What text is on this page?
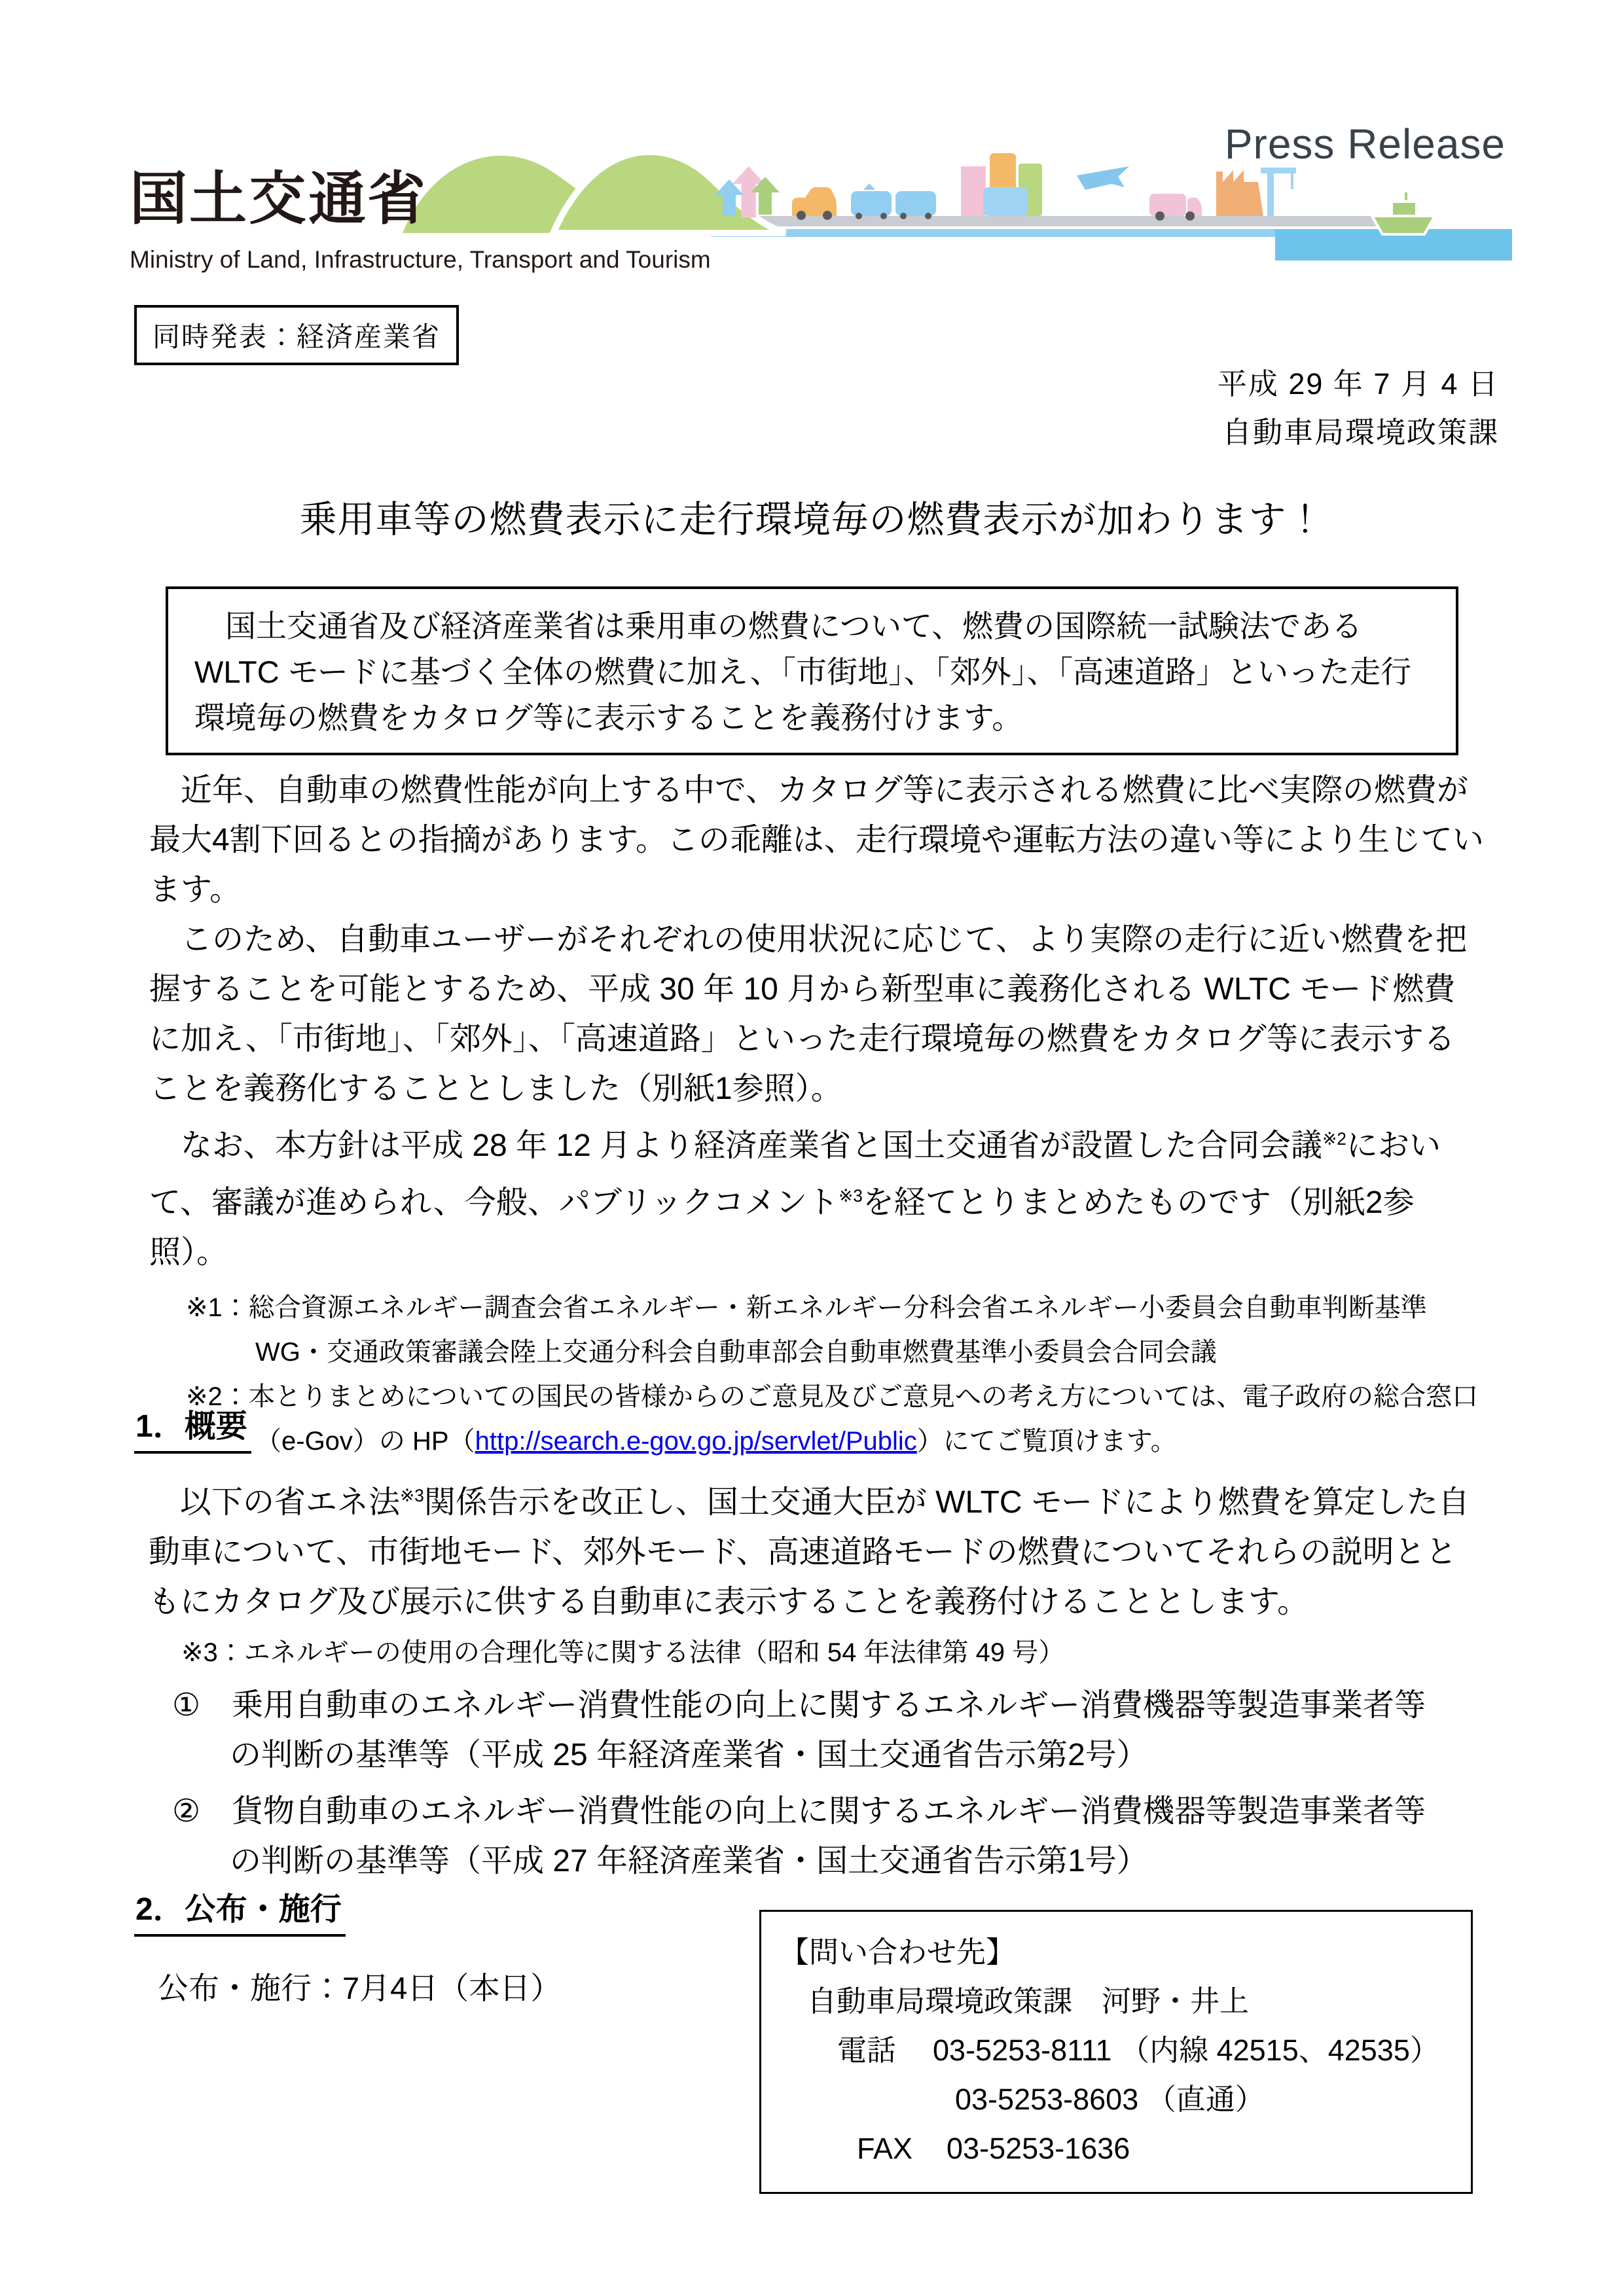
Press Release
国土交通省
Ministry of Land, Infrastructure, Transport and Tourism
同時発表：経済産業省
平成 29 年 7 月 4 日
自動車局環境政策課
乗用車等の燃費表示に走行環境毎の燃費表示が加わります！

国土交通省及び経済産業省は乗用車の燃費について、燃費の国際統一試験法であるWLTC モードに基づく全体の燃費に加え、「市街地」、「郊外」、「高速道路」といった走行環境毎の燃費をカタログ等に表示することを義務付けます。

近年、自動車の燃費性能が向上する中で、カタログ等に表示される燃費に比べ実際の燃費が最大4割下回るとの指摘があります。この乖離は、走行環境や運転方法の違い等により生じています。

このため、自動車ユーザーがそれぞれの使用状況に応じて、より実際の走行に近い燃費を把握することを可能とするため、平成 30 年 10 月から新型車に義務化される WLTC モード燃費に加え、「市街地」、「郊外」、「高速道路」といった走行環境毎の燃費をカタログ等に表示することを義務化することとしました（別紙1参照）。

なお、本方針は平成 28 年 12 月より経済産業省と国土交通省が設置した合同会議$^{※2}$において、審議が進められ、今般、パブリックコメント$^{※3}$を経てとりまとめたものです（別紙2参照）。

※1：総合資源エネルギー調査会省エネルギー・新エネルギー分科会省エネルギー小委員会自動車判断基準 WG・交通政策審議会陸上交通分科会自動車部会自動車燃費基準小委員会合同会議
※2：本とりまとめについての国民の皆様からのご意見及びご意見への考え方については、電子政府の総合窓口（e-Gov）の HP（http://search.e-gov.go.jp/servlet/Public）にてご覧頂けます。
1．概要

以下の省エネ法$^{※3}$関係告示を改正し、国土交通大臣が WLTC モードにより燃費を算定した自動車について、市街地モード、郊外モード、高速道路モードの燃費についてそれらの説明とともにカタログ及び展示に供する自動車に表示することを義務付けることとします。

※3：エネルギーの使用の合理化等に関する法律（昭和 54 年法律第 49 号）
①　乗用自動車のエネルギー消費性能の向上に関するエネルギー消費機器等製造事業者等の判断の基準等（平成 25 年経済産業省・国土交通省告示第2号）
②　貨物自動車のエネルギー消費性能の向上に関するエネルギー消費機器等製造事業者等の判断の基準等（平成 27 年経済産業省・国土交通省告示第1号）
2．公布・施行

公布・施行：7月4日（本日）

【問い合わせ先】
自動車局環境政策課　河野・井上
電話 03-5253-8111 （内線 42515、42535）
03-5253-8603 （直通）
FAX 03-5253-1636
